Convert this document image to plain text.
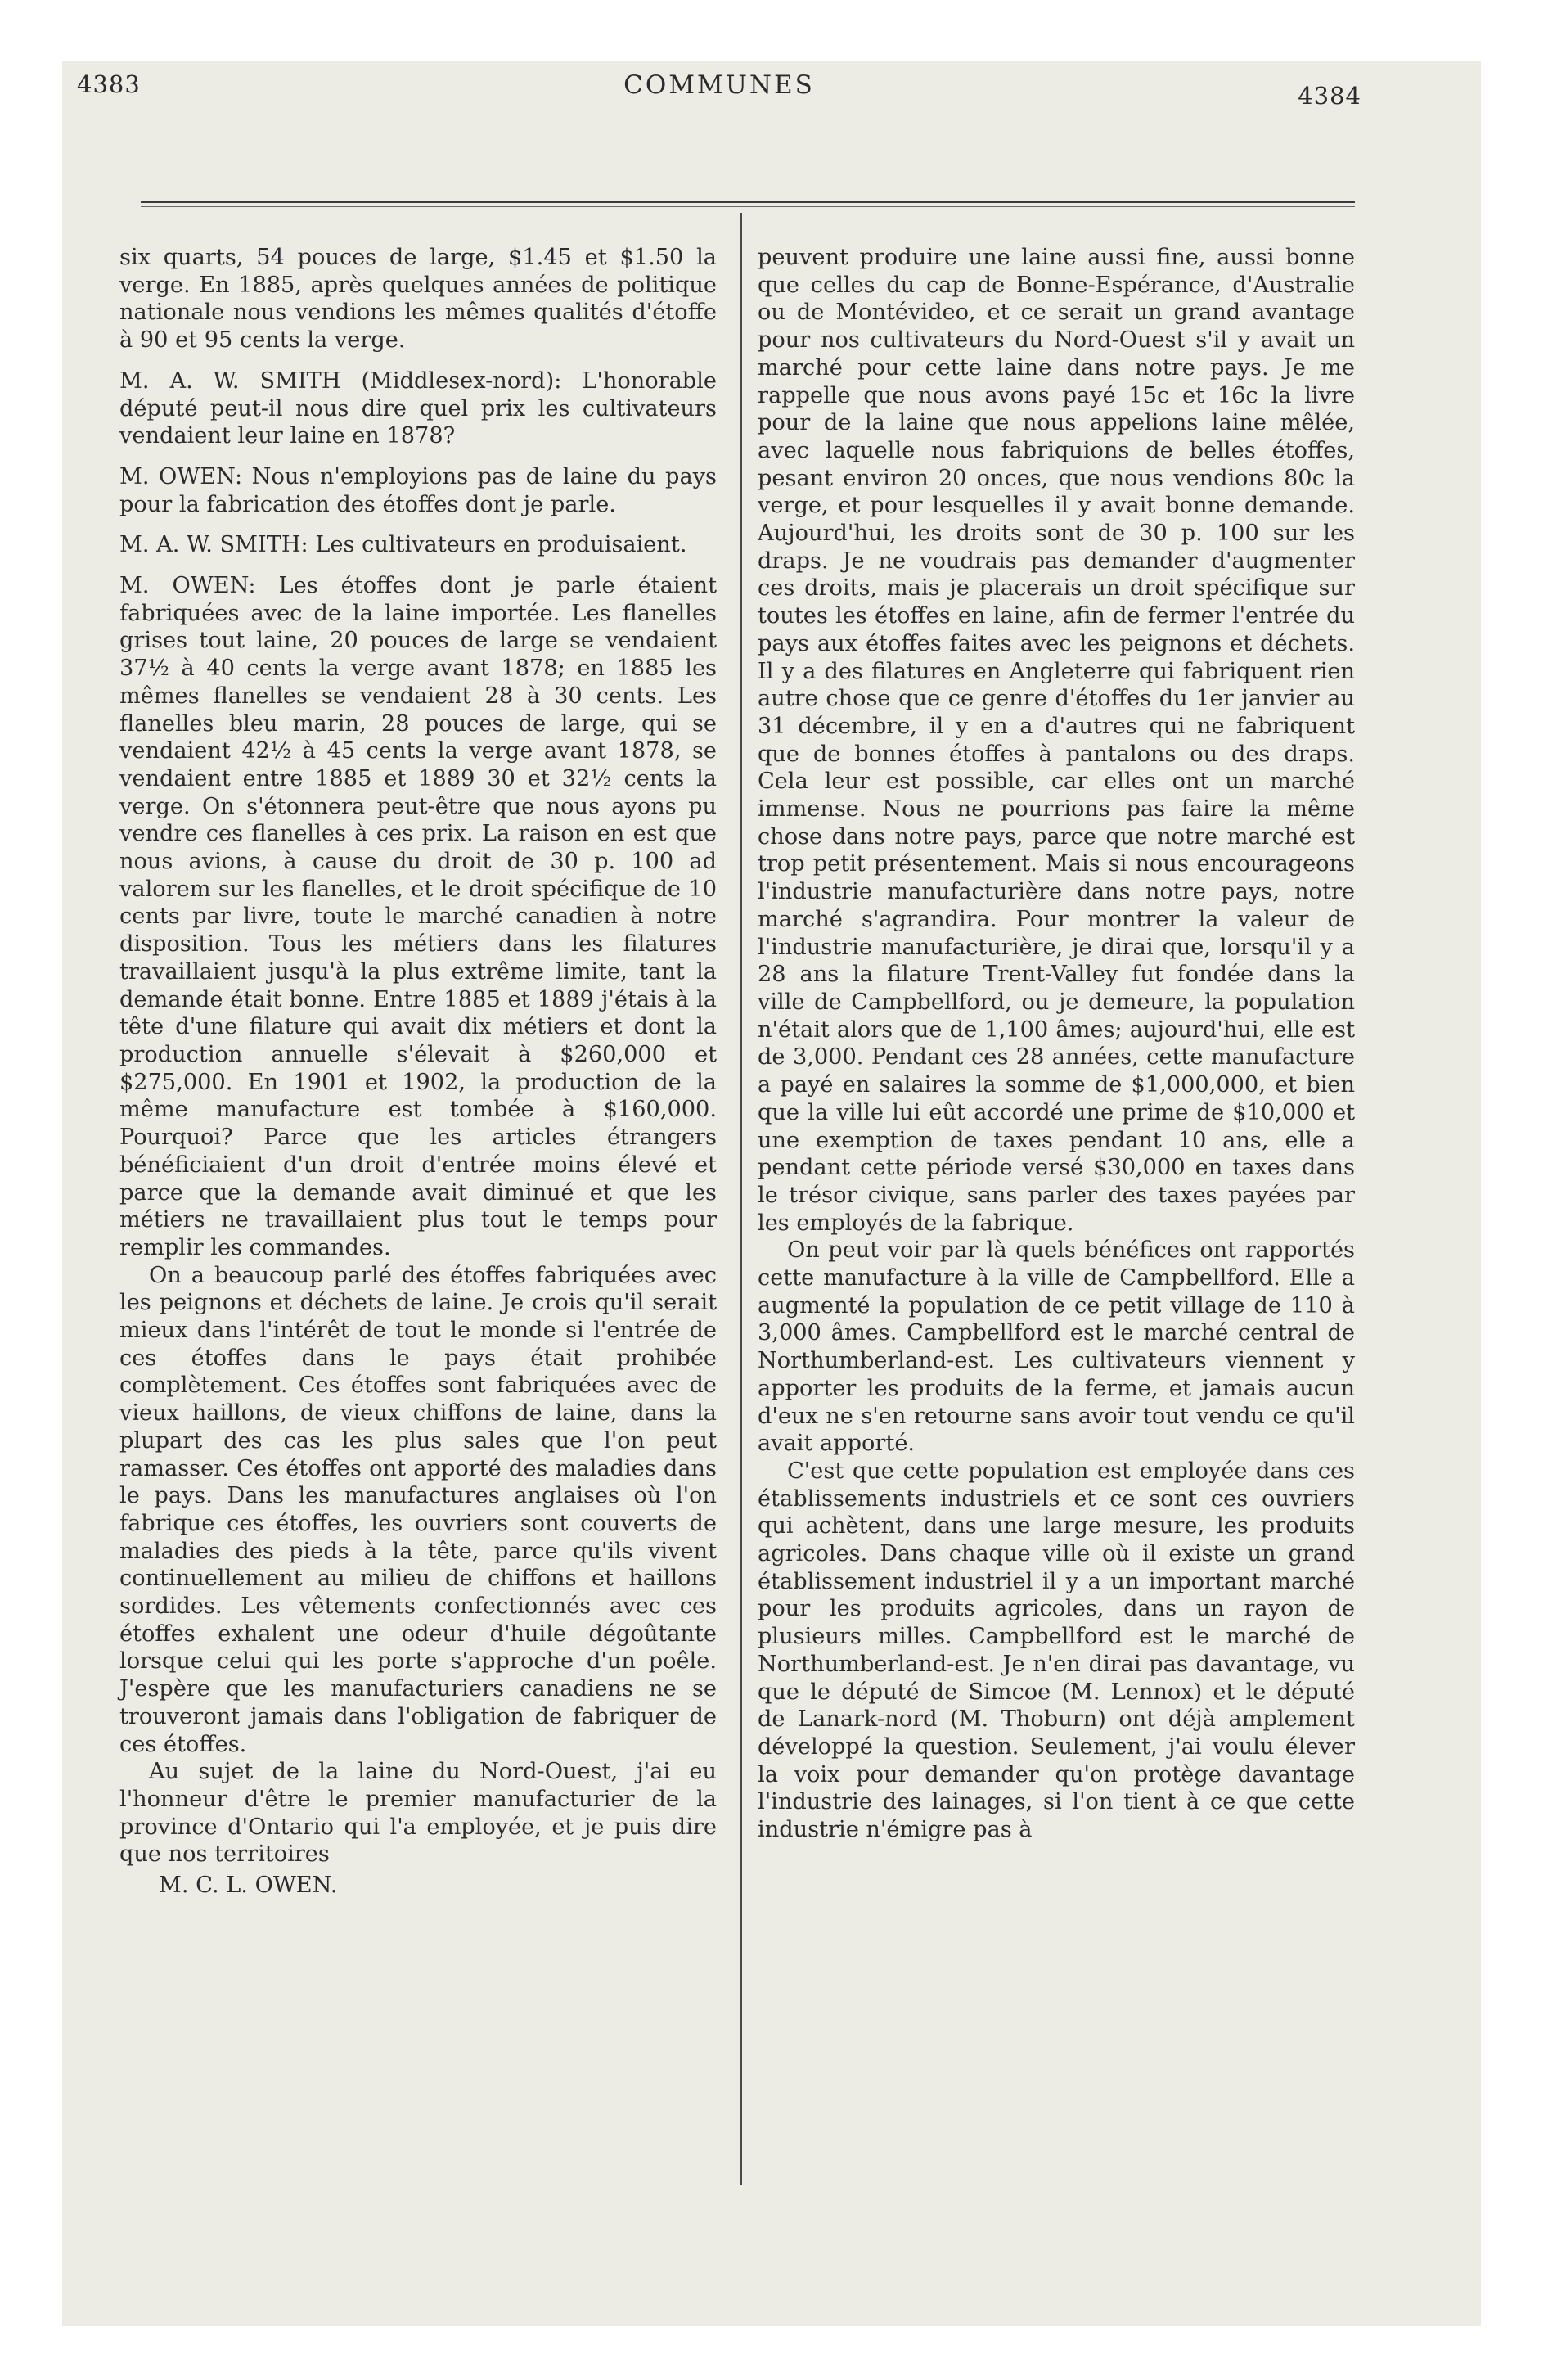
4383	COMMUNES	4384

six quarts, 54 pouces de large, $1.45 et $1.50 la verge. En 1885, après quelques années de politique nationale nous vendions les mêmes qualités d'étoffe à 90 et 95 cents la verge.

M. A. W. SMITH (Middlesex-nord): L'honorable député peut-il nous dire quel prix les cultivateurs vendaient leur laine en 1878?

M. OWEN: Nous n'employions pas de laine du pays pour la fabrication des étoffes dont je parle.

M. A. W. SMITH: Les cultivateurs en produisaient.

M. OWEN: Les étoffes dont je parle étaient fabriquées avec de la laine importée. Les flanelles grises tout laine, 20 pouces de large se vendaient 37½ à 40 cents la verge avant 1878; en 1885 les mêmes flanelles se vendaient 28 à 30 cents. Les flanelles bleu marin, 28 pouces de large, qui se vendaient 42½ à 45 cents la verge avant 1878, se vendaient entre 1885 et 1889 30 et 32½ cents la verge. On s'étonnera peut-être que nous ayons pu vendre ces flanelles à ces prix. La raison en est que nous avions, à cause du droit de 30 p. 100 ad valorem sur les flanelles, et le droit spécifique de 10 cents par livre, toute le marché canadien à notre disposition. Tous les métiers dans les filatures travaillaient jusqu'à la plus extrême limite, tant la demande était bonne. Entre 1885 et 1889 j'étais à la tête d'une filature qui avait dix métiers et dont la production annuelle s'élevait à $260,000 et $275,000. En 1901 et 1902, la production de la même manufacture est tombée à $160,000. Pourquoi? Parce que les articles étrangers bénéficiaient d'un droit d'entrée moins élevé et parce que la demande avait diminué et que les métiers ne travaillaient plus tout le temps pour remplir les commandes.

On a beaucoup parlé des étoffes fabriquées avec les peignons et déchets de laine. Je crois qu'il serait mieux dans l'intérêt de tout le monde si l'entrée de ces étoffes dans le pays était prohibée complètement. Ces étoffes sont fabriquées avec de vieux haillons, de vieux chiffons de laine, dans la plupart des cas les plus sales que l'on peut ramasser. Ces étoffes ont apporté des maladies dans le pays. Dans les manufactures anglaises où l'on fabrique ces étoffes, les ouvriers sont couverts de maladies des pieds à la tête, parce qu'ils vivent continuellement au milieu de chiffons et haillons sordides. Les vêtements confectionnés avec ces étoffes exhalent une odeur d'huile dégoûtante lorsque celui qui les porte s'approche d'un poêle. J'espère que les manufacturiers canadiens ne se trouveront jamais dans l'obligation de fabriquer de ces étoffes.

Au sujet de la laine du Nord-Ouest, j'ai eu l'honneur d'être le premier manufacturier de la province d'Ontario qui l'a employée, et je puis dire que nos territoires

M. C. L. OWEN.

peuvent produire une laine aussi fine, aussi bonne que celles du cap de Bonne-Espérance, d'Australie ou de Montévideo, et ce serait un grand avantage pour nos cultivateurs du Nord-Ouest s'il y avait un marché pour cette laine dans notre pays. Je me rappelle que nous avons payé 15c et 16c la livre pour de la laine que nous appelions laine mêlée, avec laquelle nous fabriquions de belles étoffes, pesant environ 20 onces, que nous vendions 80c la verge, et pour lesquelles il y avait bonne demande. Aujourd'hui, les droits sont de 30 p. 100 sur les draps. Je ne voudrais pas demander d'augmenter ces droits, mais je placerais un droit spécifique sur toutes les étoffes en laine, afin de fermer l'entrée du pays aux étoffes faites avec les peignons et déchets. Il y a des filatures en Angleterre qui fabriquent rien autre chose que ce genre d'étoffes du 1er janvier au 31 décembre, il y en a d'autres qui ne fabriquent que de bonnes étoffes à pantalons ou des draps. Cela leur est possible, car elles ont un marché immense. Nous ne pourrions pas faire la même chose dans notre pays, parce que notre marché est trop petit présentement. Mais si nous encourageons l'industrie manufacturière dans notre pays, notre marché s'agrandira. Pour montrer la valeur de l'industrie manufacturière, je dirai que, lorsqu'il y a 28 ans la filature Trent-Valley fut fondée dans la ville de Campbellford, ou je demeure, la population n'était alors que de 1,100 âmes; aujourd'hui, elle est de 3,000. Pendant ces 28 années, cette manufacture a payé en salaires la somme de $1,000,000, et bien que la ville lui eût accordé une prime de $10,000 et une exemption de taxes pendant 10 ans, elle a pendant cette période versé $30,000 en taxes dans le trésor civique, sans parler des taxes payées par les employés de la fabrique.

On peut voir par là quels bénéfices ont rapportés cette manufacture à la ville de Campbellford. Elle a augmenté la population de ce petit village de 110 à 3,000 âmes. Campbellford est le marché central de Northumberland-est. Les cultivateurs viennent y apporter les produits de la ferme, et jamais aucun d'eux ne s'en retourne sans avoir tout vendu ce qu'il avait apporté.

C'est que cette population est employée dans ces établissements industriels et ce sont ces ouvriers qui achètent, dans une large mesure, les produits agricoles. Dans chaque ville où il existe un grand établissement industriel il y a un important marché pour les produits agricoles, dans un rayon de plusieurs milles. Campbellford est le marché de Northumberland-est. Je n'en dirai pas davantage, vu que le député de Simcoe (M. Lennox) et le député de Lanark-nord (M. Thoburn) ont déjà amplement développé la question. Seulement, j'ai voulu élever la voix pour demander qu'on protège davantage l'industrie des lainages, si l'on tient à ce que cette industrie n'émigre pas à
